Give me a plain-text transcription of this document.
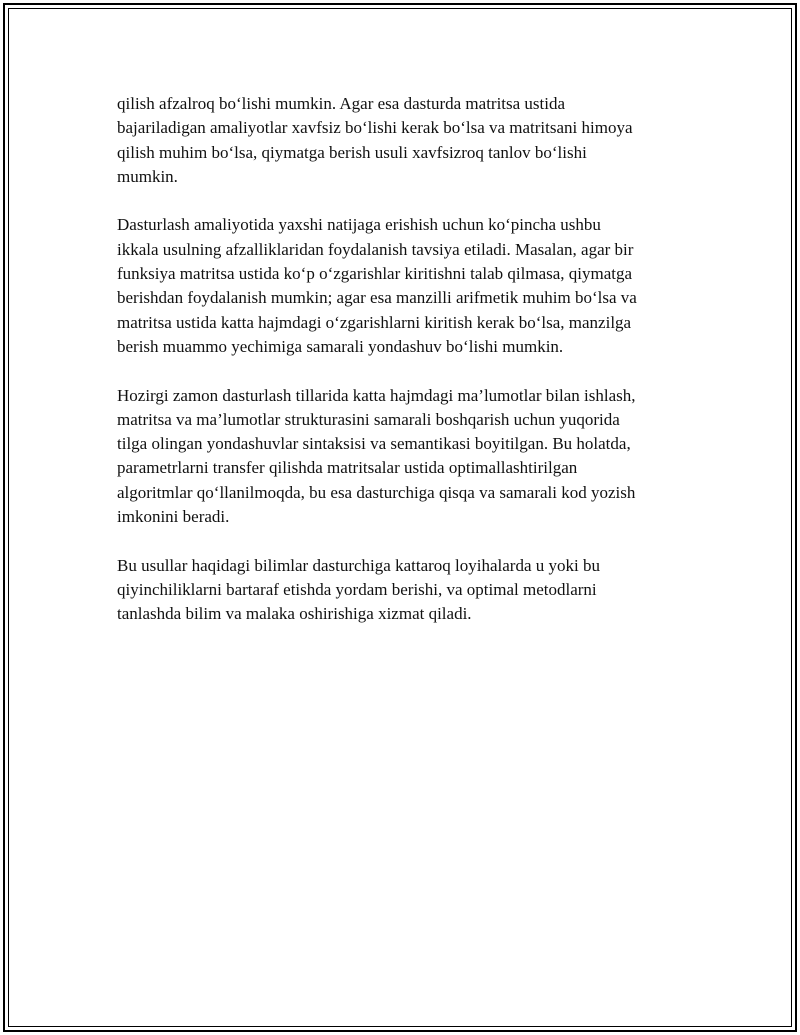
qilish afzalroq bo‘lishi mumkin. Agar esa dasturda matritsa ustida
bajariladigan amaliyotlar xavfsiz bo‘lishi kerak bo‘lsa va matritsani himoya
qilish muhim bo‘lsa, qiymatga berish usuli xavfsizroq tanlov bo‘lishi
mumkin.

Dasturlash amaliyotida yaxshi natijaga erishish uchun ko‘pincha ushbu
ikkala usulning afzalliklaridan foydalanish tavsiya etiladi. Masalan, agar bir
funksiya matritsa ustida ko‘p o‘zgarishlar kiritishni talab qilmasa, qiymatga
berishdan foydalanish mumkin; agar esa manzilli arifmetik muhim bo‘lsa va
matritsa ustida katta hajmdagi o‘zgarishlarni kiritish kerak bo‘lsa, manzilga
berish muammo yechimiga samarali yondashuv bo‘lishi mumkin.

Hozirgi zamon dasturlash tillarida katta hajmdagi ma’lumotlar bilan ishlash,
matritsa va ma’lumotlar strukturasini samarali boshqarish uchun yuqorida
tilga olingan yondashuvlar sintaksisi va semantikasi boyitilgan. Bu holatda,
parametrlarni transfer qilishda matritsalar ustida optimallashtirilgan
algoritmlar qo‘llanilmoqda, bu esa dasturchiga qisqa va samarali kod yozish
imkonini beradi.

Bu usullar haqidagi bilimlar dasturchiga kattaroq loyihalarda u yoki bu
qiyinchiliklarni bartaraf etishda yordam berishi, va optimal metodlarni
tanlashda bilim va malaka oshirishiga xizmat qiladi.
